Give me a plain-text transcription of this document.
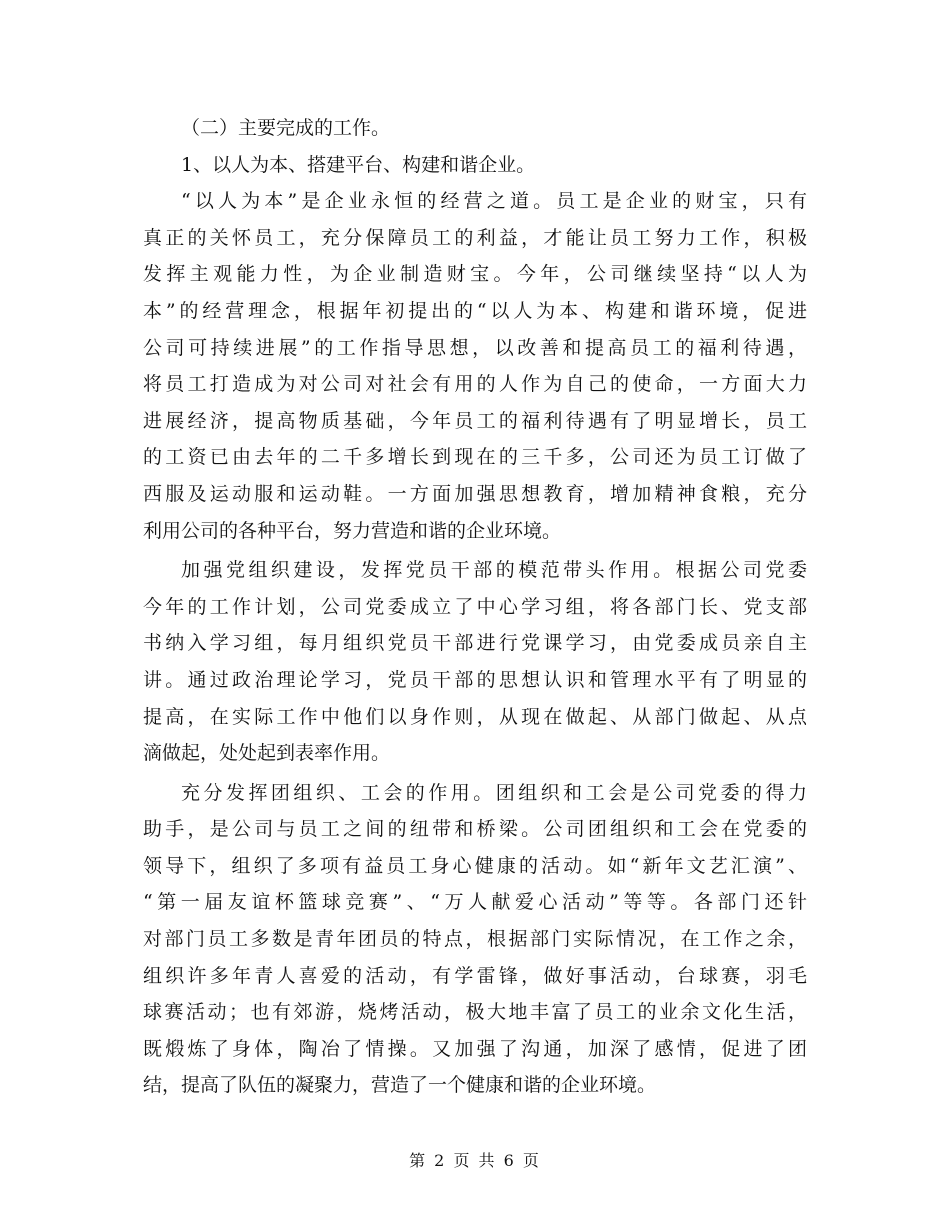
（二）主要完成的工作。
1、以人为本、搭建平台、构建和谐企业。
“以人为本”是企业永恒的经营之道。员工是企业的财宝，只有
真正的关怀员工，充分保障员工的利益，才能让员工努力工作，积极
发挥主观能力性，为企业制造财宝。今年，公司继续坚持“以人为
本”的经营理念，根据年初提出的“以人为本、构建和谐环境，促进
公司可持续进展”的工作指导思想，以改善和提高员工的福利待遇，
将员工打造成为对公司对社会有用的人作为自己的使命，一方面大力
进展经济，提高物质基础，今年员工的福利待遇有了明显增长，员工
的工资已由去年的二千多增长到现在的三千多，公司还为员工订做了
西服及运动服和运动鞋。一方面加强思想教育，增加精神食粮，充分
利用公司的各种平台，努力营造和谐的企业环境。
加强党组织建设，发挥党员干部的模范带头作用。根据公司党委
今年的工作计划，公司党委成立了中心学习组，将各部门长、党支部
书纳入学习组，每月组织党员干部进行党课学习，由党委成员亲自主
讲。通过政治理论学习，党员干部的思想认识和管理水平有了明显的
提高，在实际工作中他们以身作则，从现在做起、从部门做起、从点
滴做起，处处起到表率作用。
充分发挥团组织、工会的作用。团组织和工会是公司党委的得力
助手，是公司与员工之间的纽带和桥梁。公司团组织和工会在党委的
领导下，组织了多项有益员工身心健康的活动。如“新年文艺汇演”、
“第一届友谊杯篮球竞赛”、“万人献爱心活动”等等。各部门还针
对部门员工多数是青年团员的特点，根据部门实际情况，在工作之余，
组织许多年青人喜爱的活动，有学雷锋，做好事活动，台球赛，羽毛
球赛活动；也有郊游，烧烤活动，极大地丰富了员工的业余文化生活，
既煅炼了身体，陶冶了情操。又加强了沟通，加深了感情，促进了团
结，提高了队伍的凝聚力，营造了一个健康和谐的企业环境。
第 2 页 共 6 页
